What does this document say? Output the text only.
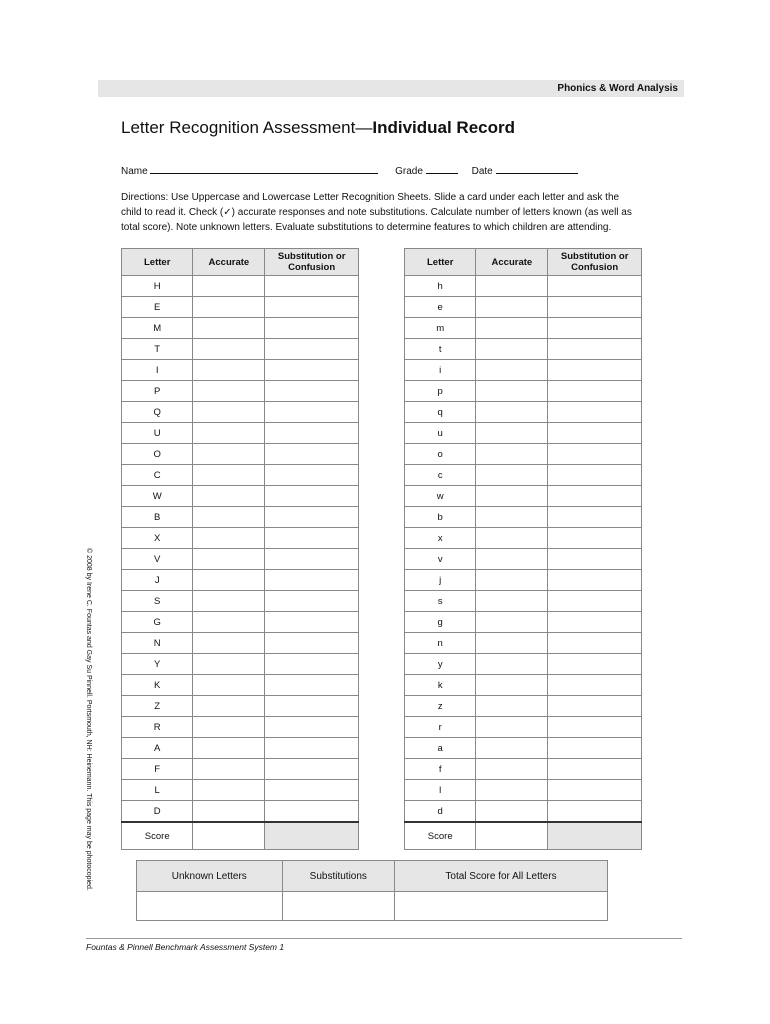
Phonics & Word Analysis
Letter Recognition Assessment—Individual Record
Name	Grade	Date
Directions: Use Uppercase and Lowercase Letter Recognition Sheets. Slide a card under each letter and ask the child to read it. Check (✓) accurate responses and note substitutions. Calculate number of letters known (as well as total score). Note unknown letters. Evaluate substitutions to determine features to which children are attending.
Letter	Accurate	Substitution or Confusion
H		
E		
M		
T		
I		
P		
Q		
U		
O		
C		
W		
B		
X		
V		
J		
S		
G		
N		
Y		
K		
Z		
R		
A		
F		
L		
D		
Score		
Letter	Accurate	Substitution or Confusion
h		
e		
m		
t		
i		
p		
q		
u		
o		
c		
w		
b		
x		
v		
j		
s		
g		
n		
y		
k		
z		
r		
a		
f		
l		
d		
Score		
Unknown Letters	Substitutions	Total Score for All Letters

© 2008 by Irene C. Fountas and Gay Su Pinnell. Portsmouth, NH: Heinemann. This page may be photocopied.
Fountas & Pinnell Benchmark Assessment System 1
